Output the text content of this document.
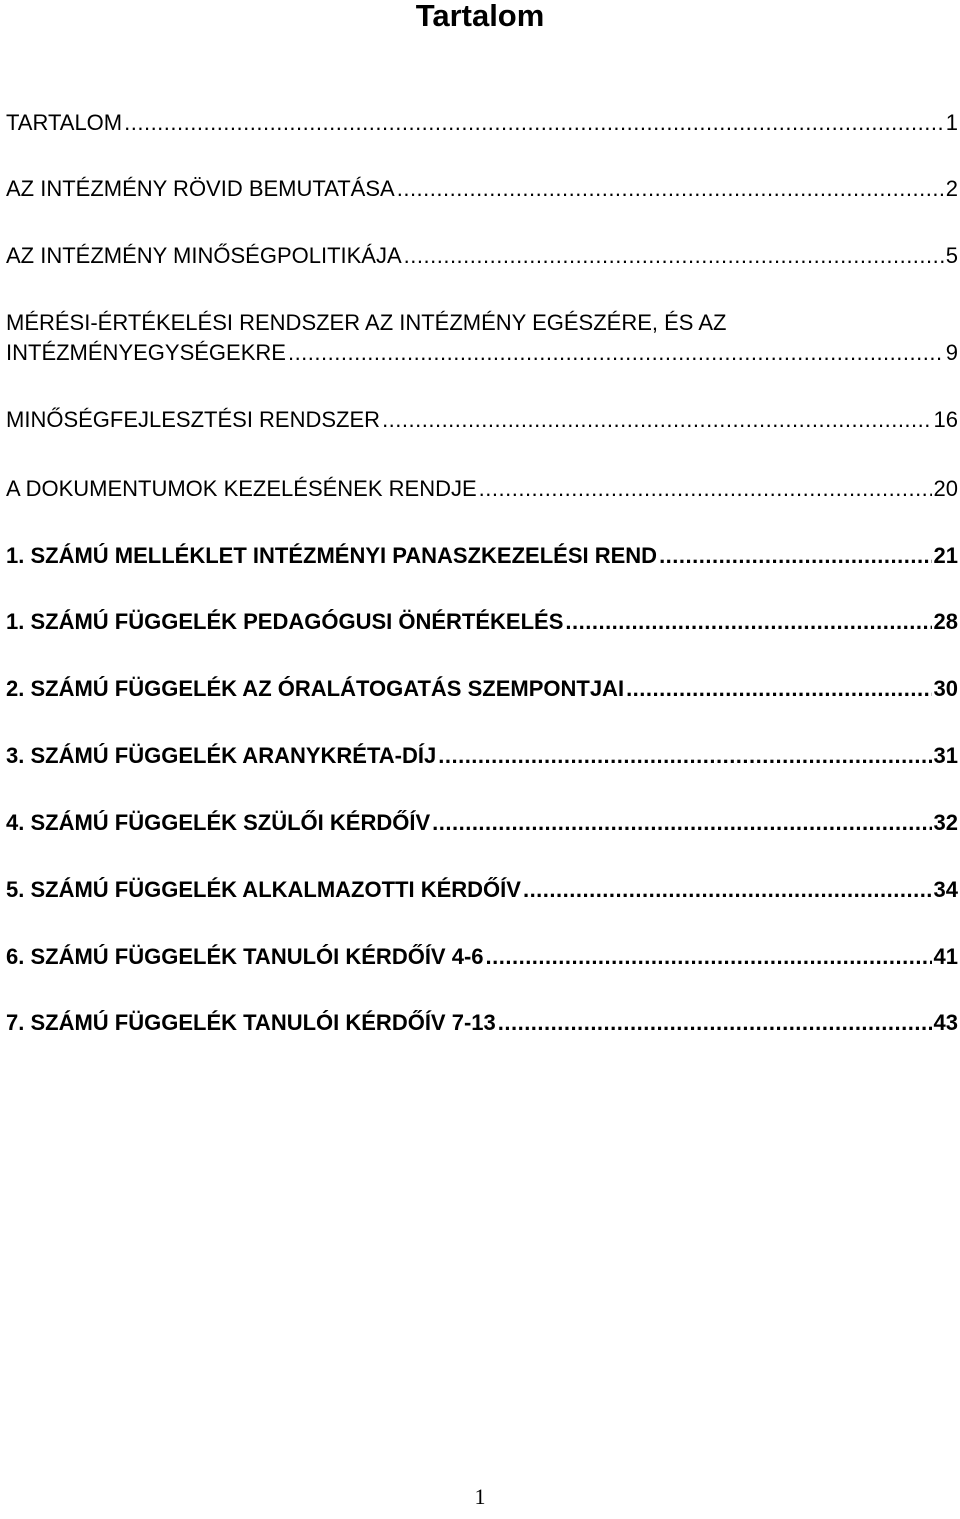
Tartalom
TARTALOM .....	1
AZ INTÉZMÉNY RÖVID BEMUTATÁSA .....	2
AZ INTÉZMÉNY MINŐSÉGPOLITIKÁJA .....	5
MÉRÉSI-ÉRTÉKELÉSI RENDSZER AZ INTÉZMÉNY EGÉSZÉRE, ÉS AZ
INTÉZMÉNYEGYSÉGEKRE .....	9
MINŐSÉGFEJLESZTÉSI RENDSZER .....	16
A DOKUMENTUMOK KEZELÉSÉNEK RENDJE .....	20
1. SZÁMÚ MELLÉKLET INTÉZMÉNYI PANASZKEZELÉSI REND .....	21
1. SZÁMÚ FÜGGELÉK PEDAGÓGUSI ÖNÉRTÉKELÉS .....	28
2. SZÁMÚ FÜGGELÉK AZ ÓRALÁTOGATÁS SZEMPONTJAI .....	30
3. SZÁMÚ FÜGGELÉK ARANYKRÉTA-DÍJ .....	31
4. SZÁMÚ FÜGGELÉK SZÜLŐI KÉRDŐÍV .....	32
5. SZÁMÚ FÜGGELÉK ALKALMAZOTTI KÉRDŐÍV .....	34
6. SZÁMÚ FÜGGELÉK TANULÓI KÉRDŐÍV 4-6 .....	41
7. SZÁMÚ FÜGGELÉK TANULÓI KÉRDŐÍV 7-13 .....	43
1
